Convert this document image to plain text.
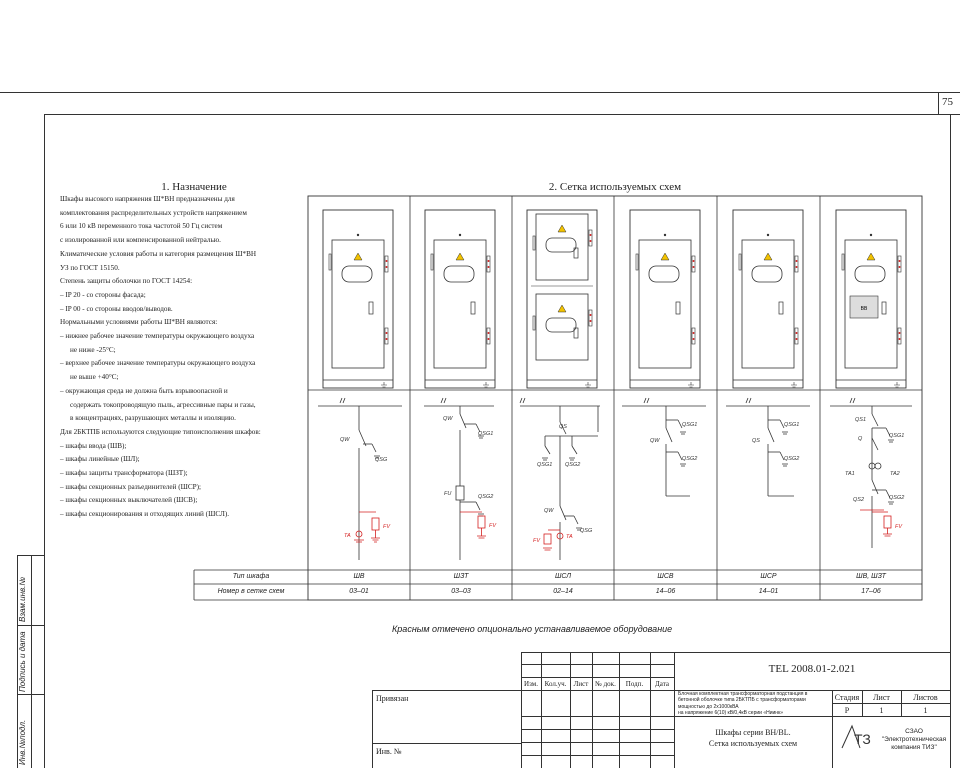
75
Инв.№подл.
Подпись и дата
Взам.инв.№
1. Назначение
Шкафы высокого напряжения Ш*ВН предназначены для
комплектования распределительных устройств напряжением
6 или 10 кВ переменного тока частотой 50 Гц систем
с изолированной или компенсированной нейтралью.
Климатические условия работы и категория размещения Ш*ВН
УЗ по ГОСТ 15150.
Степень защиты оболочки по ГОСТ 14254:
– IP 20 - со стороны фасада;
– IP 00 - со стороны вводов/выводов.
Нормальными условиями работы Ш*ВН являются:
– нижнее рабочее значение температуры окружающего воздуха
не ниже -25°С;
– верхнее рабочее значение температуры окружающего воздуха
не выше +40°С;
– окружающая среда не должна быть взрывоопасной и
содержать токопроводящую пыль, агрессивные пары и газы,
в концентрациях, разрушающих металлы и изоляцию.
Для 2БКТПБ используются следующие типоисполнения шкафов:
– шкафы ввода (ШВ);
– шкафы линейные (ШЛ);
– шкафы защиты трансформатора (ШЗТ);
– шкафы секционных разъединителей (ШСР);
– шкафы секционных выключателей (ШСВ);
– шкафы секционирования и отходящих линий (ШСЛ).
2. Сетка используемых схем
ВВ
QW
QSG
TA
FV
QW
QSG1
FU	QSG2
FV
QS
QSG1 QSG2
QW
QSG
FV
TA
QW
QSG1
QSG2
QS
QSG1
QSG2
QS1
Q	QSG1
TA1	TA2
QS2	QSG2
FV
Тип шкафа
Номер в сетке схем
ШВ	ШЗТ	ШСЛ	ШСВ	ШСР	ШВ, ШЗТ
03–01	03–03	02–14	14–06	14–01	17–06
Красным отмечено опционально устанавливаемое оборудование
TEL 2008.01-2.021
Изм. Кол.уч.	Лист № док.	Подп.	Дата
Блочная комплектная трансформаторная подстанция в
бетонной оболочке типа 2БКТПБ с трансформаторами
мощностью до 2х1000кВА
на напряжение 6(10) кВ/0,4кВ серии «Ниинк»
Стадия	Лист	Листов
Р	1	1
Шкафы серии ВН/ВL.
Сетка используемых схем
Привязан
Инв. №
ТЗ	СЗАО
"Электротехническая
компания ТИЗ"
